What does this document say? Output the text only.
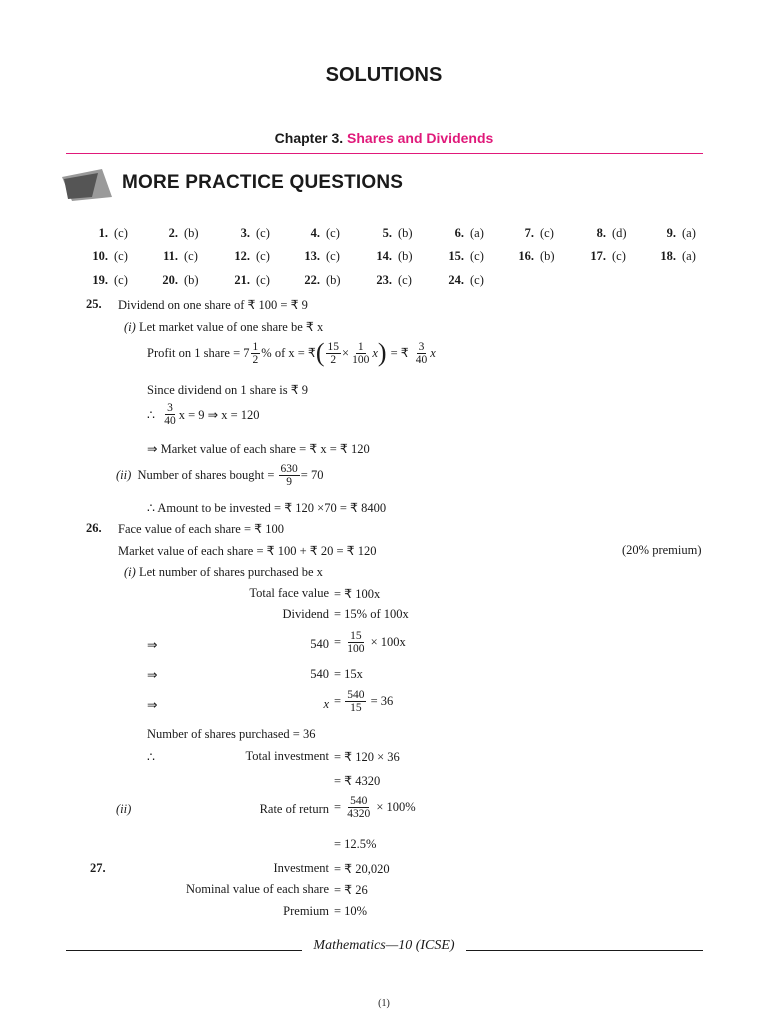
SOLUTIONS
Chapter 3. Shares and Dividends
MORE PRACTICE QUESTIONS
1. (c)	2. (b)	3. (c)	4. (c)	5. (b)	6. (a)	7. (c)	8. (d)	9. (a)
10. (c)	11. (c)	12. (c)	13. (c)	14. (b)	15. (c)	16. (b)	17. (c)	18. (a)
19. (c)	20. (b)	21. (c)	22. (b)	23. (c)	24. (c)
25. Dividend on one share of ₹ 100 = ₹ 9
(i) Let market value of one share be ₹ x
Profit on 1 share = $7 \frac{1}{2}$ % of x = ₹ ( $\frac{15}{2} \times \frac{1}{100}$ x ) = ₹ $\frac{3}{40}$ x
Since dividend on 1 share is ₹ 9
∴
$\frac{3}{40}$ x = 9 ⇒ x = 120
⇒ Market value of each share = ₹ x = ₹ 120
(ii)
Number of shares bought =
$\frac{630}{9} = 70$
∴ Amount to be invested = ₹ 120 ×70 = ₹ 8400
26. Face value of each share = ₹ 100
Market value of each share = ₹ 100 + ₹ 20 = ₹ 120	(20% premium)
(i) Let number of shares purchased be x
Total face value = ₹ 100x
Dividend = 15% of 100x
⇒	540 =
$\frac{15}{100}$
× 100x
⇒	540 = 15x
⇒	x =
$\frac{540}{15}$
= 36
Number of shares purchased = 36
∴	Total investment = ₹ 120 × 36
= ₹ 4320
(ii)	Rate of return =
$\frac{540}{4320}$
× 100%
= 12.5%
27.	Investment = ₹ 20,020
Nominal value of each share = ₹ 26
Premium = 10%
Mathematics—10 (ICSE)
(1)
